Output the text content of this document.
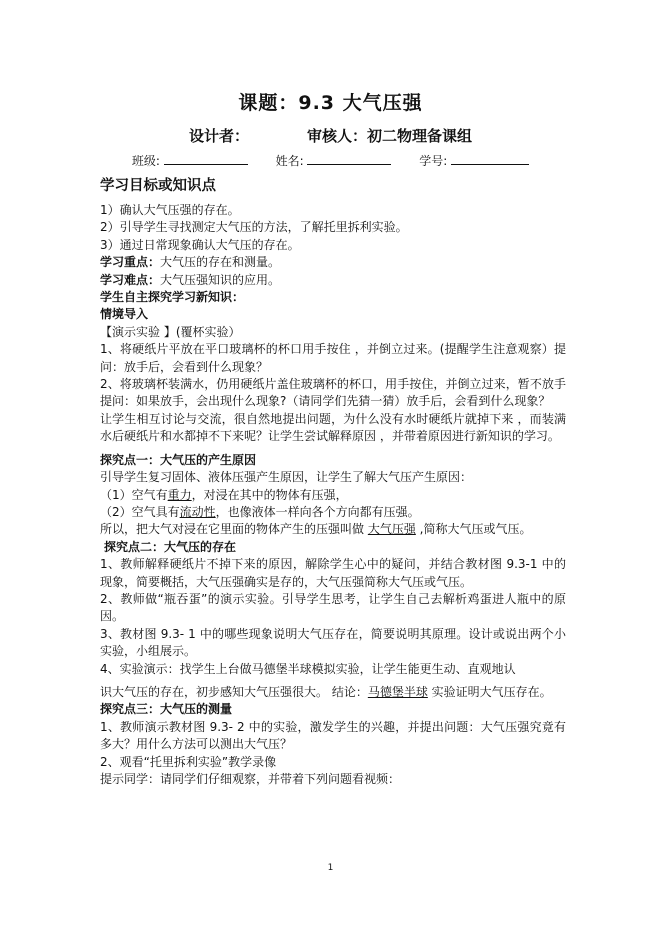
课题：9.3 大气压强
设计者：	审核人：初二物理备课组
班级:	姓名:	学号:

学习目标或知识点

1）确认大气压强的存在。

2）引导学生寻找测定大气压的方法，了解托里拆利实验。

3）通过日常现象确认大气压的存在。

学习重点：大气压的存在和测量。

学习难点：大气压强知识的应用。

学生自主探究学习新知识：

情境导入

【演示实验 】(覆杯实验）

1、将硬纸片平放在平口玻璃杯的杯口用手按住 ，并倒立过来。(提醒学生注意观察）提问：放手后，会看到什么现象？

2、将玻璃杯装满水，仍用硬纸片盖住玻璃杯的杯口，用手按住，并倒立过来，暂不放手提问：如果放手，会出现什么现象?（请同学们先猜一猜）放手后，会看到什么现象？

让学生相互讨论与交流，很自然地提出问题，为什么没有水时硬纸片就掉下来 ，而装满水后硬纸片和水都掉不下来呢？让学生尝试解释原因 ，并带着原因进行新知识的学习。

探究点一：大气压的产生原因

引导学生复习固体、液体压强产生原因，让学生了解大气压产生原因：

（1）空气有重力，对浸在其中的物体有压强，

（2）空气具有流动性，也像液体一样向各个方向都有压强。

所以，把大气对浸在它里面的物体产生的压强叫做 大气压强 ,简称大气压或气压。

探究点二：大气压的存在

1、教师解释硬纸片不掉下来的原因，解除学生心中的疑问，并结合教材图 9.3-1 中的现象，简要概括，大气压强确实是存的，大气压强简称大气压或气压。

2、教师做“瓶吞蛋”的演示实验。引导学生思考，让学生自己去解析鸡蛋进人瓶中的原因。

3、教材图 9.3- 1 中的哪些现象说明大气压存在，简要说明其原理。设计或说出两个小实验，小组展示。

4、实验演示：找学生上台做马德堡半球模拟实验，让学生能更生动、直观地认

识大气压的存在，初步感知大气压强很大。 结论：马德堡半球 实验证明大气压存在。

探究点三：大气压的测量

1、教师演示教材图 9.3- 2 中的实验，激发学生的兴趣，并提出问题：大气压强究竟有多大？用什么方法可以测出大气压？

2、观看“托里拆利实验”教学录像

提示同学：请同学们仔细观察，并带着下列问题看视频：

1
